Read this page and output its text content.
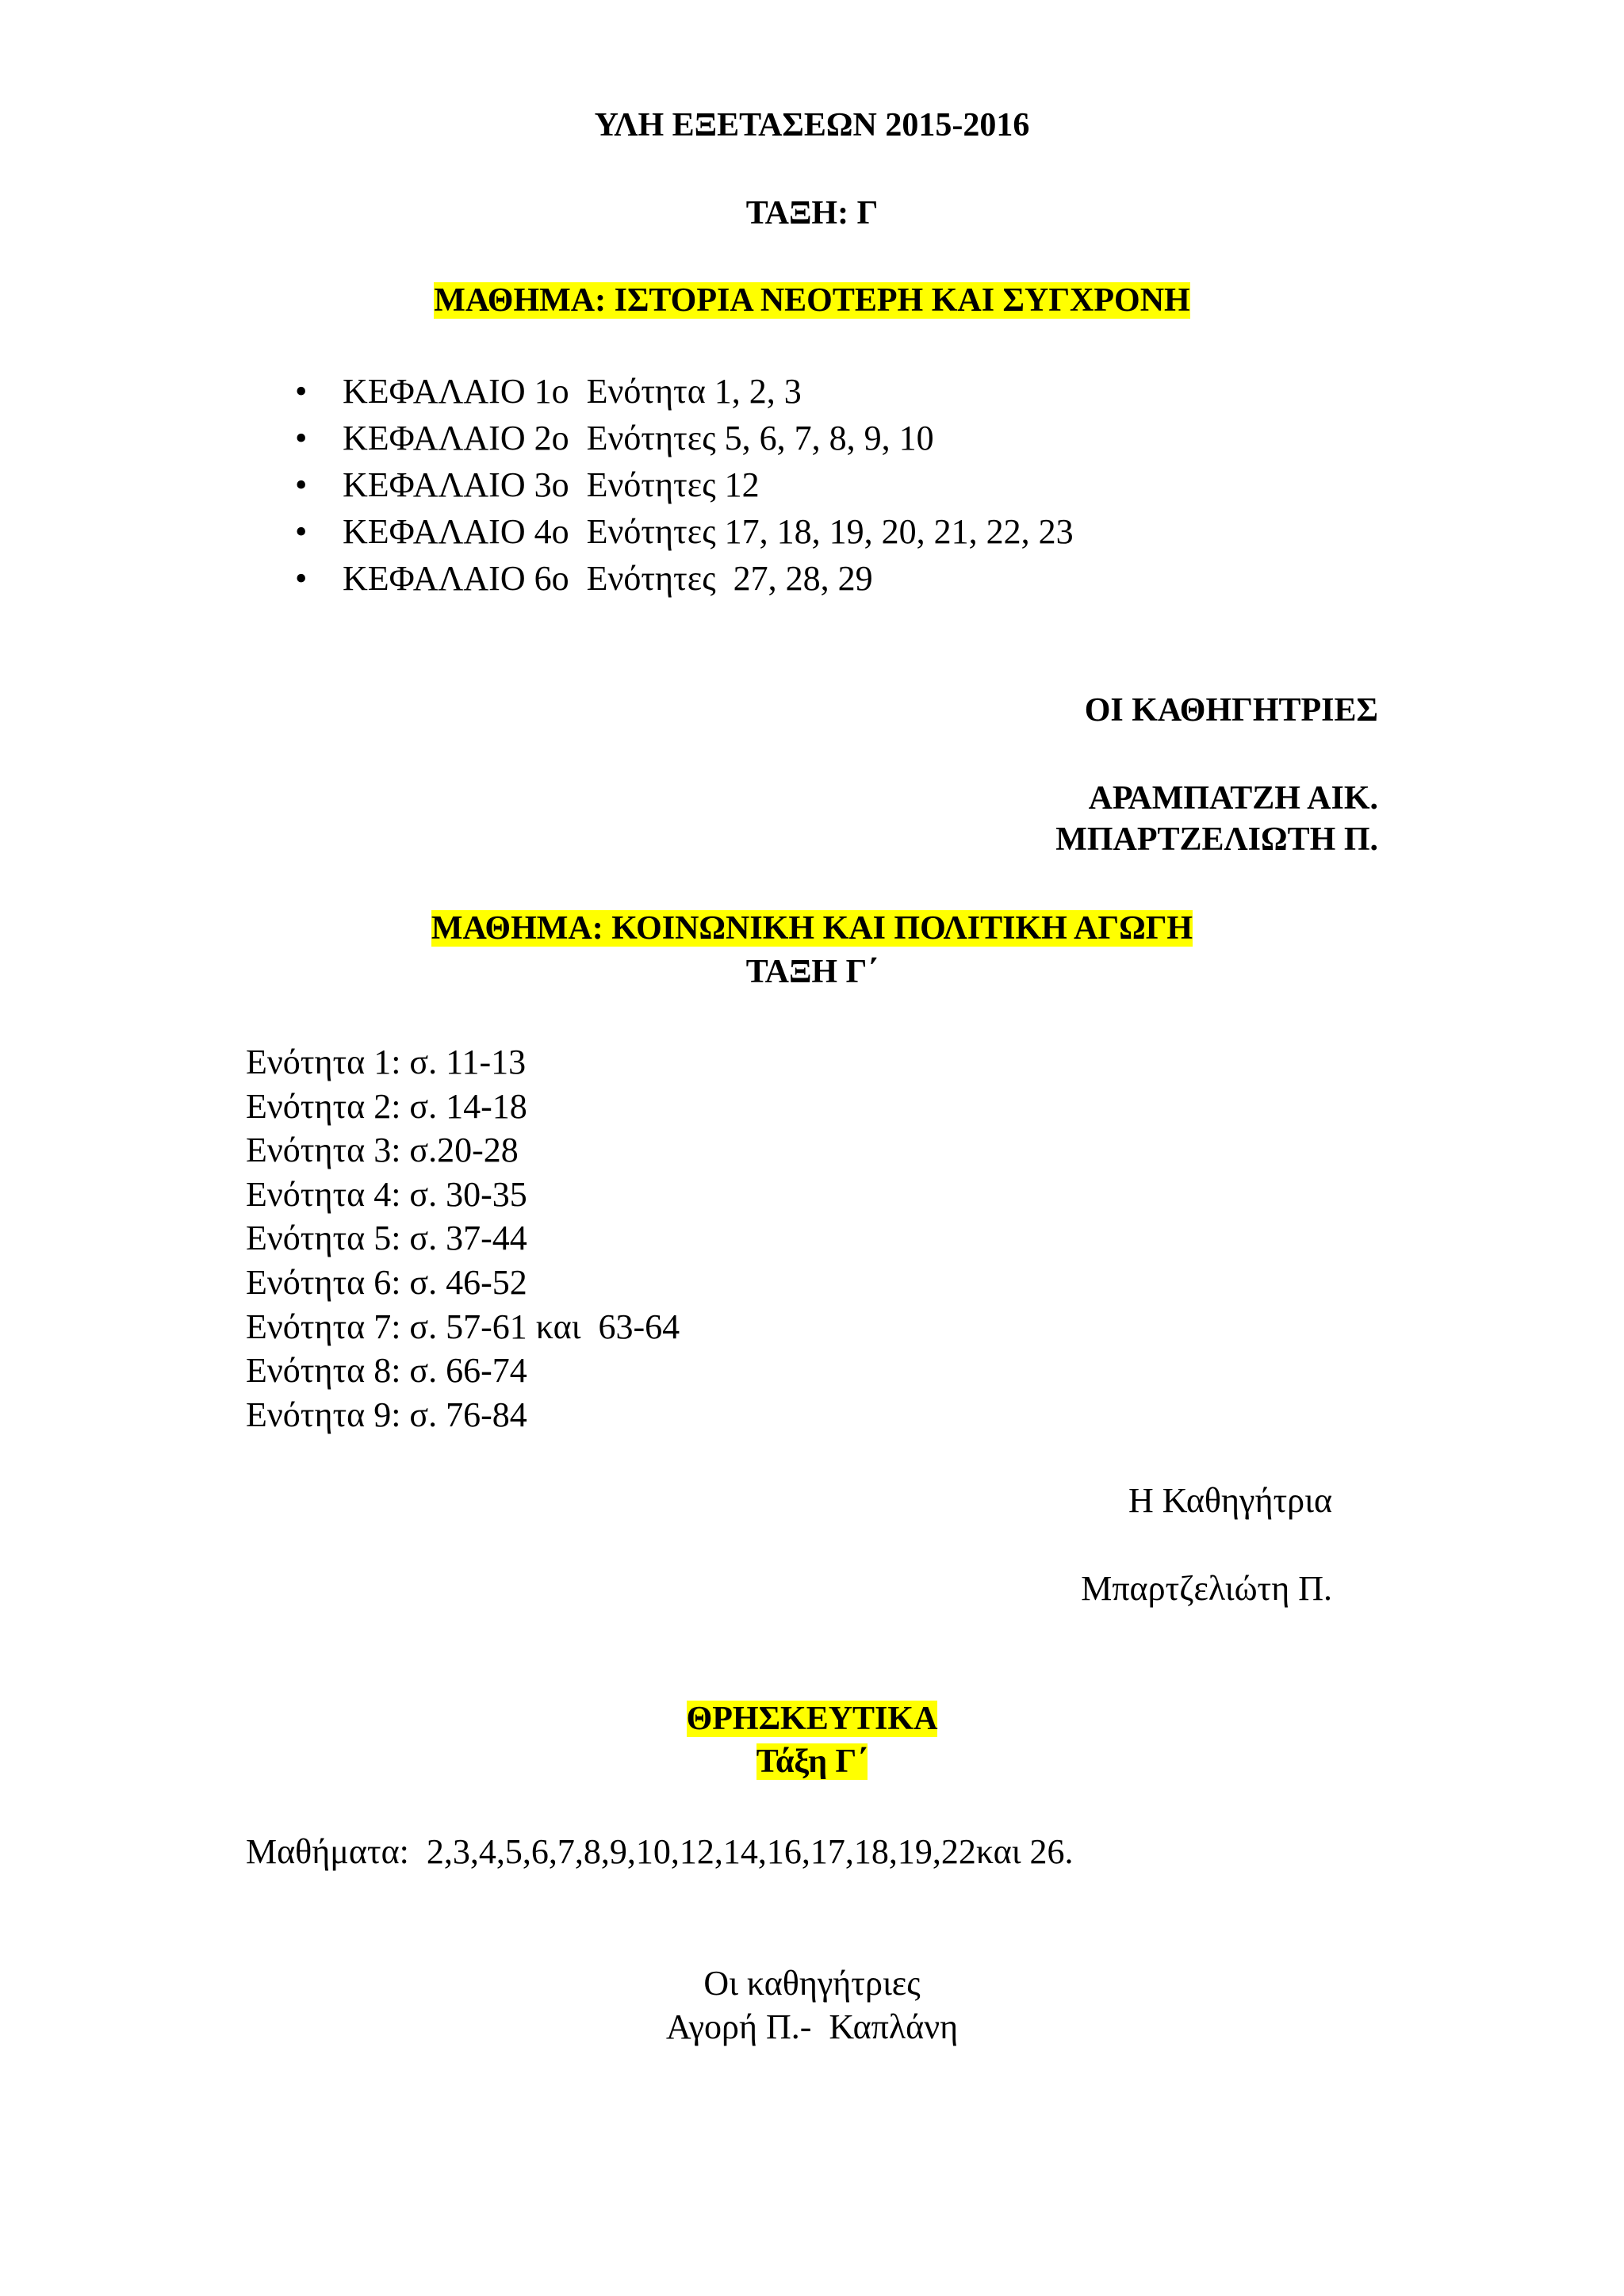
ΥΛΗ ΕΞΕΤΑΣΕΩΝ 2015-2016
ΤΑΞΗ: Γ
ΜΑΘΗΜΑ: ΙΣΤΟΡΙΑ ΝΕΟΤΕΡΗ ΚΑΙ ΣΥΓΧΡΟΝΗ
• ΚΕΦΑΛΑΙΟ 1ο  Ενότητα 1, 2, 3
• ΚΕΦΑΛΑΙΟ 2ο  Ενότητες 5, 6, 7, 8, 9, 10
• ΚΕΦΑΛΑΙΟ 3ο  Ενότητες 12
• ΚΕΦΑΛΑΙΟ 4ο  Ενότητες 17, 18, 19, 20, 21, 22, 23
• ΚΕΦΑΛΑΙΟ 6ο  Ενότητες  27, 28, 29
ΟΙ ΚΑΘΗΓΗΤΡΙΕΣ
ΑΡΑΜΠΑΤΖΗ ΑΙΚ.
ΜΠΑΡΤΖΕΛΙΩΤΗ Π.
ΜΑΘΗΜΑ: ΚΟΙΝΩΝΙΚΗ ΚΑΙ ΠΟΛΙΤΙΚΗ ΑΓΩΓΗ
ΤΑΞΗ Γ΄
Ενότητα 1: σ. 11-13
Ενότητα 2: σ. 14-18
Ενότητα 3: σ.20-28
Ενότητα 4: σ. 30-35
Ενότητα 5: σ. 37-44
Ενότητα 6: σ. 46-52
Ενότητα 7: σ. 57-61 και  63-64
Ενότητα 8: σ. 66-74
Ενότητα 9: σ. 76-84
Η Καθηγήτρια
Μπαρτζελιώτη Π.
ΘΡΗΣΚΕΥΤΙΚΑ
Τάξη Γ΄
Μαθήματα:  2,3,4,5,6,7,8,9,10,12,14,16,17,18,19,22και 26.
Οι καθηγήτριες
Αγορή Π.-  Καπλάνη
